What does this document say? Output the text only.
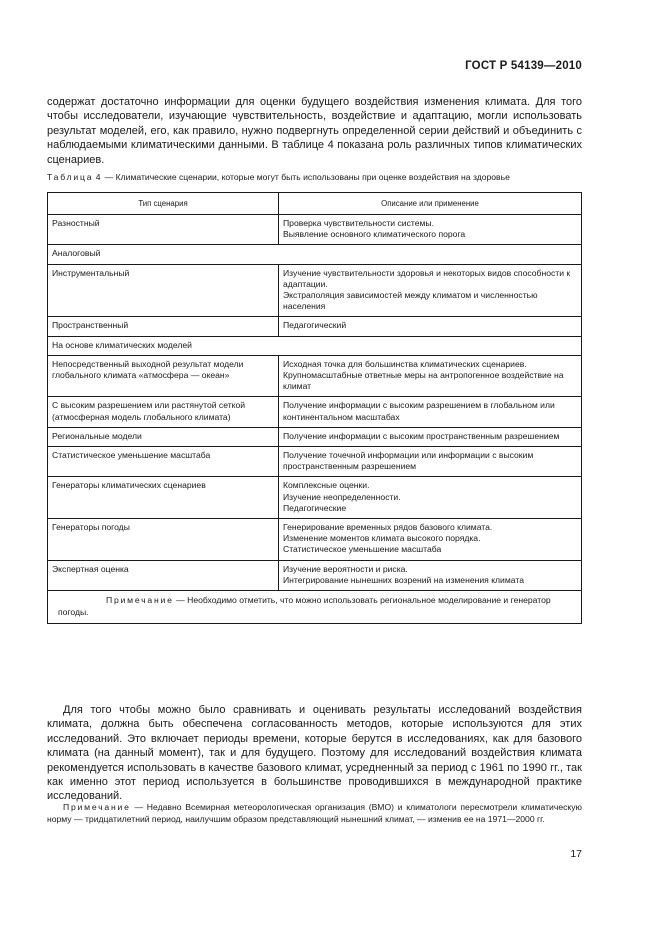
ГОСТ Р 54139—2010

содержат достаточно информации для оценки будущего воздействия изменения климата. Для того чтобы исследователи, изучающие чувствительность, воздействие и адаптацию, могли использовать результат моделей, его, как правило, нужно подвергнуть определенной серии действий и объединить с наблюдаемыми климатическими данными. В таблице 4 показана роль различных типов климатических сценариев.

Таблица 4 — Климатические сценарии, которые могут быть использованы при оценке воздействия на здоровье
Тип сценария	Описание или применение
Разностный	Проверка чувствительности системы.
Выявление основного климатического порога
Аналоговый	
Инструментальный	Изучение чувствительности здоровья и некоторых видов способности к адаптации.
Экстраполяция зависимостей между климатом и численностью населения
Пространственный	Педагогический
На основе климатических моделей	
Непосредственный выходной результат модели глобального климата «атмосфера — океан»	Исходная точка для большинства климатических сценариев.
Крупномасштабные ответные меры на антропогенное воздействие на климат
С высоким разрешением или растянутой сеткой (атмосферная модель глобального климата)	Получение информации с высоким разрешением в глобальном или континентальном масштабах
Региональные модели	Получение информации с высоким пространственным разрешением
Статистическое уменьшение масштаба	Получение точечной информации или информации с высоким пространственным разрешением
Генераторы климатических сценариев	Комплексные оценки.
Изучение неопределенности.
Педагогические
Генераторы погоды	Генерирование временных рядов базового климата.
Изменение моментов климата высокого порядка.
Статистическое уменьшение масштаба
Экспертная оценка	Изучение вероятности и риска.
Интегрирование нынешних возрений на изменения климата
Примечание — Необходимо отметить, что можно использовать региональное моделирование и генератор погоды.	

Для того чтобы можно было сравнивать и оценивать результаты исследований воздействия климата, должна быть обеспечена согласованность методов, которые используются для этих исследований. Это включает периоды времени, которые берутся в исследованиях, как для базового климата (на данный момент), так и для будущего. Поэтому для исследований воздействия климата рекомендуется использовать в качестве базового климат, усредненный за период с 1961 по 1990 гг., так как именно этот период используется в большинстве проводившихся в международной практике исследований.

Примечание — Недавно Всемирная метеорологическая организация (ВМО) и климатологи пересмотрели климатическую норму — тридцатилетний период, наилучшим образом представляющий нынешний климат, — изменив ее на 1971—2000 гг.

17
